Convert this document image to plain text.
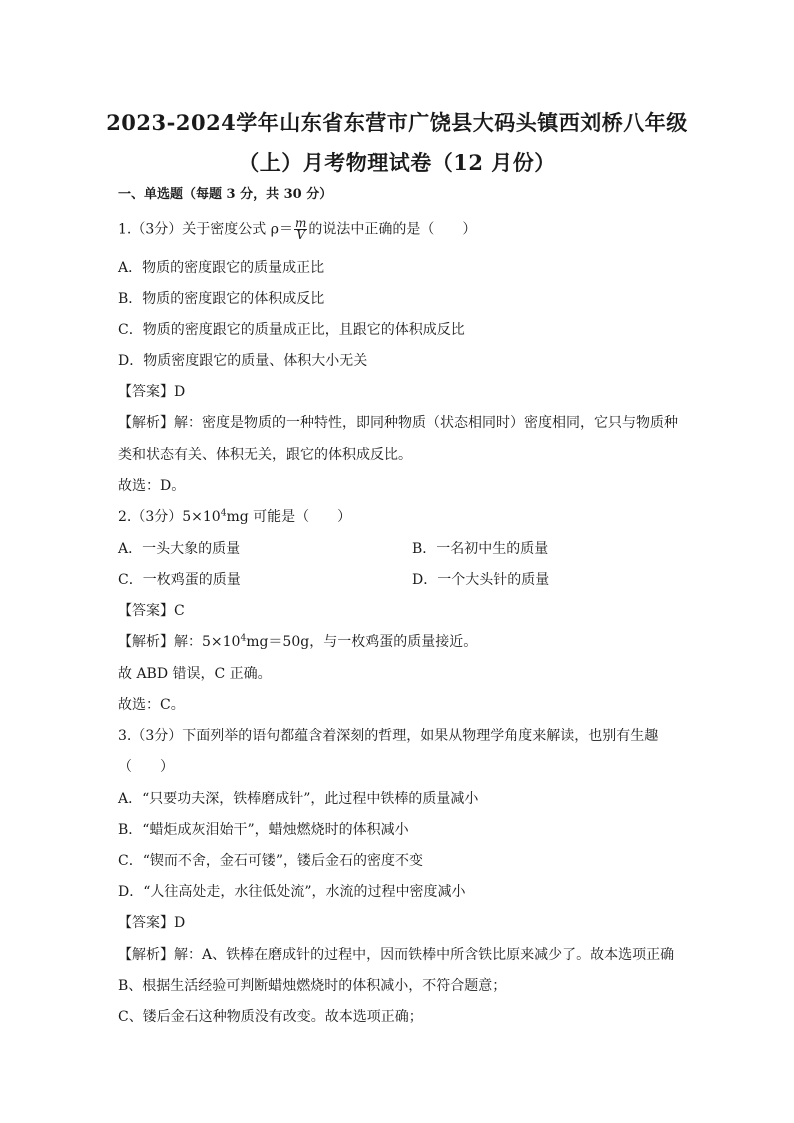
2023-2024学年山东省东营市广饶县大码头镇西刘桥八年级
（上）月考物理试卷（12 月份）
一、单选题（每题 3 分，共 30 分）
1.（3分）关于密度公式 $\rho= \frac{m}{V}$ 的说法中正确的是（　　）
A．物质的密度跟它的质量成正比
B．物质的密度跟它的体积成反比
C．物质的密度跟它的质量成正比，且跟它的体积成反比
D．物质密度跟它的质量、体积大小无关
【答案】D
【解析】解：密度是物质的一种特性，即同种物质（状态相同时）密度相同，它只与物质种
类和状态有关、体积无关，跟它的体积成反比。
故选：D。
2.（3分）$5\times 10^4mg$ 可能是（　　）
A．一头大象的质量	B．一名初中生的质量
C．一枚鸡蛋的质量	D．一个大头针的质量
【答案】C
【解析】解：$5\times 10^4mg=50g$，与一枚鸡蛋的质量接近。
故 ABD 错误，C 正确。
故选：C。
3.（3分）下面列举的语句都蕴含着深刻的哲理，如果从物理学角度来解读，也别有生趣
（　　）
A．“只要功夫深，铁棒磨成针”，此过程中铁棒的质量减小
B．“蜡炬成灰泪始干”，蜡烛燃烧时的体积减小
C．“锲而不舍，金石可镂”，镂后金石的密度不变
D．“人往高处走，水往低处流”，水流的过程中密度减小
【答案】D
【解析】解：A、铁棒在磨成针的过程中，因而铁棒中所含铁比原来减少了。故本选项正确
B、根据生活经验可判断蜡烛燃烧时的体积减小，不符合题意；
C、镂后金石这种物质没有改变。故本选项正确；
